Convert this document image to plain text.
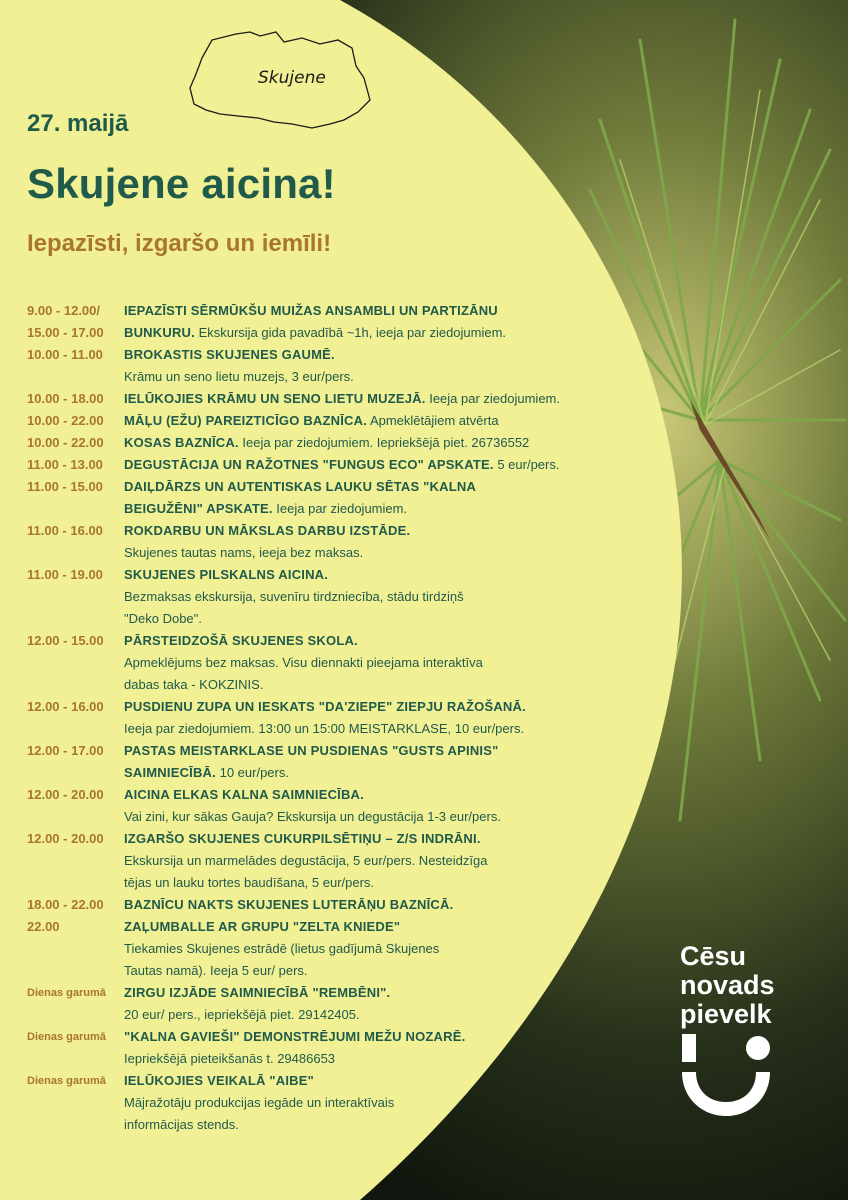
Skujene
27. maijā
Skujene aicina!
Iepazīsti, izgaršo un iemīli!
9.00 - 12.00/	IEPAZĪSTI SĒRMŪKŠU MUIŽAS ANSAMBLI UN PARTIZĀNU
15.00 - 17.00	BUNKURU. Ekskursija gida pavadībā ~1h, ieeja par ziedojumiem.
10.00 - 11.00	BROKASTIS SKUJENES GAUMĒ.
Krāmu un seno lietu muzejs, 3 eur/pers.
10.00 - 18.00	IELŪKOJIES KRĀMU UN SENO LIETU MUZEJĀ. Ieeja par ziedojumiem.
10.00 - 22.00	MĀĻU (EŽU) PAREIZTICĪGO BAZNĪCA. Apmeklētājiem atvērta
10.00 - 22.00	KOSAS BAZNĪCA. Ieeja par ziedojumiem. Iepriekšējā piet. 26736552
11.00 - 13.00	DEGUSTĀCIJA UN RAŽOTNES "FUNGUS ECO" APSKATE. 5 eur/pers.
11.00 - 15.00	DAIĻDĀRZS UN AUTENTISKAS LAUKU SĒTAS "KALNA
BEIGUŽĒNI" APSKATE. Ieeja par ziedojumiem.
11.00 - 16.00	ROKDARBU UN MĀKSLAS DARBU IZSTĀDE.
Skujenes tautas nams, ieeja bez maksas.
11.00 - 19.00	SKUJENES PILSKALNS AICINA.
Bezmaksas ekskursija, suvenīru tirdzniecība, stādu tirdziņš
"Deko Dobe".
12.00 - 15.00	PĀRSTEIDZOŠĀ SKUJENES SKOLA.
Apmeklējums bez maksas. Visu diennakti pieejama interaktīva
dabas taka - KOKZINIS.
12.00 - 16.00	PUSDIENU ZUPA UN IESKATS "DA'ZIEPE" ZIEPJU RAŽOŠANĀ.
Ieeja par ziedojumiem. 13:00 un 15:00 MEISTARKLASE, 10 eur/pers.
12.00 - 17.00	PASTAS MEISTARKLASE UN PUSDIENAS "GUSTS APINIS"
SAIMNIECĪBĀ. 10 eur/pers.
12.00 - 20.00	AICINA ELKAS KALNA SAIMNIECĪBA.
Vai zini, kur sākas Gauja? Ekskursija un degustācija 1-3 eur/pers.
12.00 - 20.00	IZGARŠO SKUJENES CUKURPILSĒTIŅU – Z/S INDRĀNI.
Ekskursija un marmelādes degustācija, 5 eur/pers. Nesteidzīga
tējas un lauku tortes baudīšana, 5 eur/pers.
18.00 - 22.00	BAZNĪCU NAKTS SKUJENES LUTERĀŅU BAZNĪCĀ.
22.00	ZAĻUMBALLE AR GRUPU "ZELTA KNIEDE"
Tiekamies Skujenes estrādē (lietus gadījumā Skujenes
Tautas namā). Ieeja 5 eur/ pers.
Dienas garumā	ZIRGU IZJĀDE SAIMNIECĪBĀ "REMBĒNI".
20 eur/ pers., iepriekšējā piet. 29142405.
Dienas garumā	"KALNA GAVIEŠI" DEMONSTRĒJUMI MEŽU NOZARĒ.
Iepriekšējā pieteikšanās t. 29486653
Dienas garumā	IELŪKOJIES VEIKALĀ "AIBE"
Mājražotāju produkcijas iegāde un interaktīvais
informācijas stends.
Cēsu
novads
pievelk
